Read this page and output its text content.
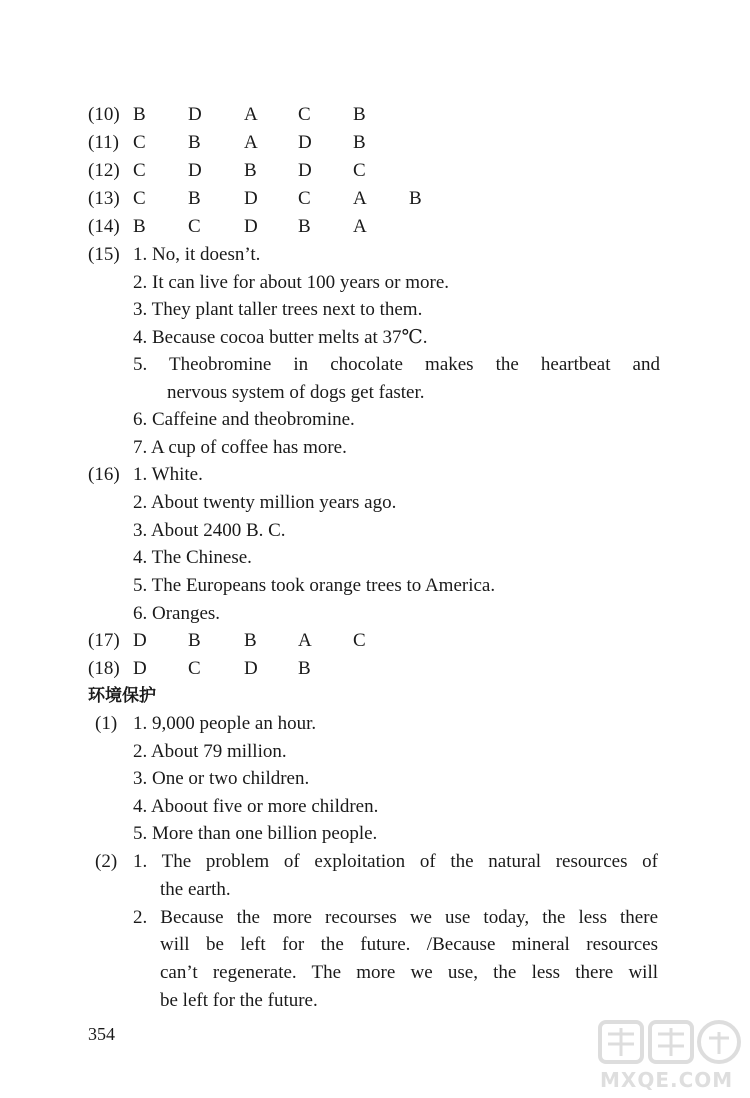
(10) B D A C B
(11) C B A D B
(12) C D B D C
(13) C B D C A B
(14) B C D B A
(15) 1. No, it doesn’t.
2. It can live for about 100 years or more.
3. They plant taller trees next to them.
4. Because cocoa butter melts at 37℃.
5. Theobromine in chocolate makes the heartbeat and
nervous system of dogs get faster.
6. Caffeine and theobromine.
7. A cup of coffee has more.
(16) 1. White.
2. About twenty million years ago.
3. About 2400 B. C.
4. The Chinese.
5. The Europeans took orange trees to America.
6. Oranges.
(17) D B B A C
(18) D C D B
环境保护
(1) 1. 9,000 people an hour.
2. About 79 million.
3. One or two children.
4. Aboout five or more children.
5. More than one billion people.
(2) 1. The problem of exploitation of the natural resources of
the earth.
2. Because the more recourses we use today, the less there
will be left for the future. /Because mineral resources
can’t regenerate. The more we use, the less there will
be left for the future.
354
MXQE.COM
